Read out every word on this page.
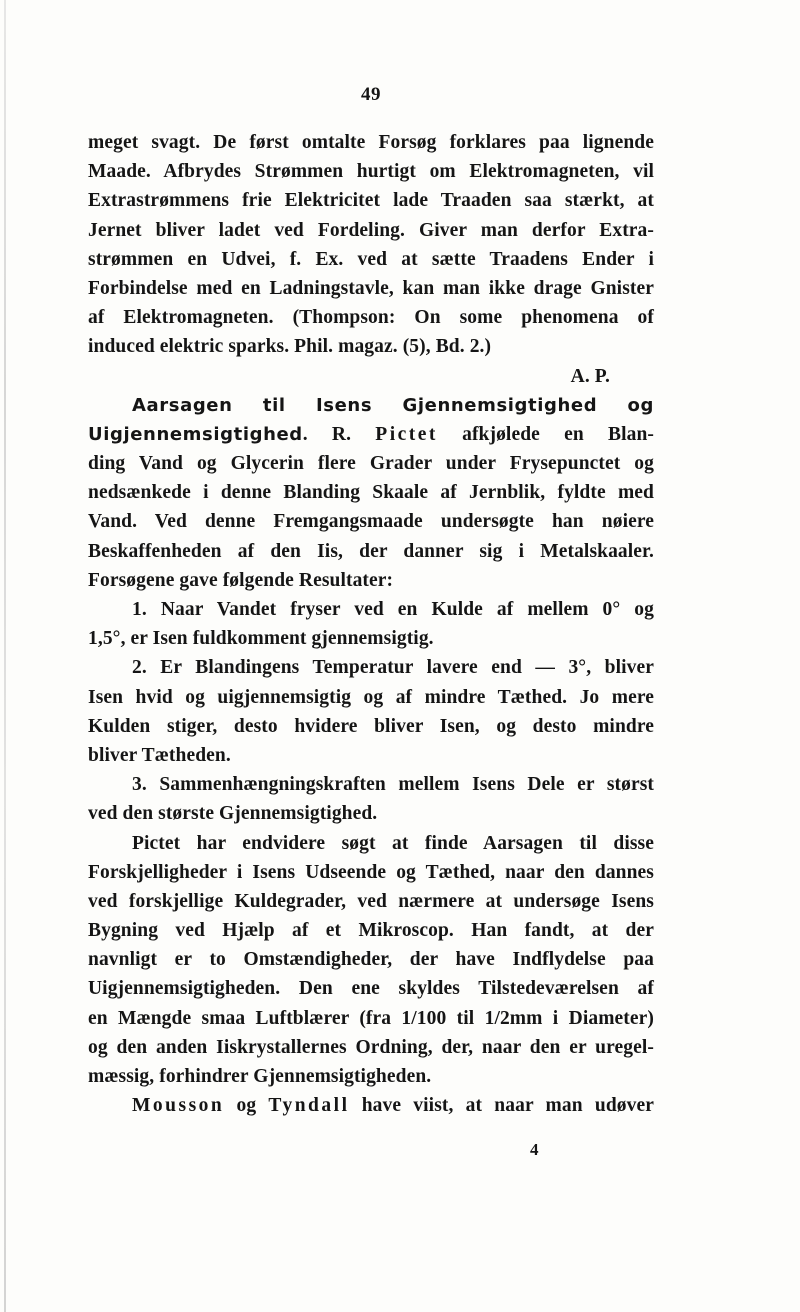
49
meget svagt. De først omtalte Forsøg forklares paa lignende
Maade. Afbrydes Strømmen hurtigt om Elektromagneten, vil
Extrastrømmens frie Elektricitet lade Traaden saa stærkt, at
Jernet bliver ladet ved Fordeling. Giver man derfor Extra-
strømmen en Udvei, f. Ex. ved at sætte Traadens Ender i
Forbindelse med en Ladningstavle, kan man ikke drage Gnister
af Elektromagneten. (Thompson: On some phenomena of
induced elektric sparks. Phil. magaz. (5), Bd. 2.)
A. P.
Aarsagen til Isens Gjennemsigtighed og
Uigjennemsigtighed. R. Pictet afkjølede en Blan-
ding Vand og Glycerin flere Grader under Frysepunctet og
nedsænkede i denne Blanding Skaale af Jernblik, fyldte med
Vand. Ved denne Fremgangsmaade undersøgte han nøiere
Beskaffenheden af den Iis, der danner sig i Metalskaaler.
Forsøgene gave følgende Resultater:
1. Naar Vandet fryser ved en Kulde af mellem 0° og
1,5°, er Isen fuldkomment gjennemsigtig.
2. Er Blandingens Temperatur lavere end — 3°, bliver
Isen hvid og uigjennemsigtig og af mindre Tæthed. Jo mere
Kulden stiger, desto hvidere bliver Isen, og desto mindre
bliver Tætheden.
3. Sammenhængningskraften mellem Isens Dele er størst
ved den største Gjennemsigtighed.
Pictet har endvidere søgt at finde Aarsagen til disse
Forskjelligheder i Isens Udseende og Tæthed, naar den dannes
ved forskjellige Kuldegrader, ved nærmere at undersøge Isens
Bygning ved Hjælp af et Mikroscop. Han fandt, at der
navnligt er to Omstændigheder, der have Indflydelse paa
Uigjennemsigtigheden. Den ene skyldes Tilstedeværelsen af
en Mængde smaa Luftblærer (fra 1/100 til 1/2mm i Diameter)
og den anden Iiskrystallernes Ordning, der, naar den er uregel-
mæssig, forhindrer Gjennemsigtigheden.
Mousson og Tyndall have viist, at naar man udøver
4
